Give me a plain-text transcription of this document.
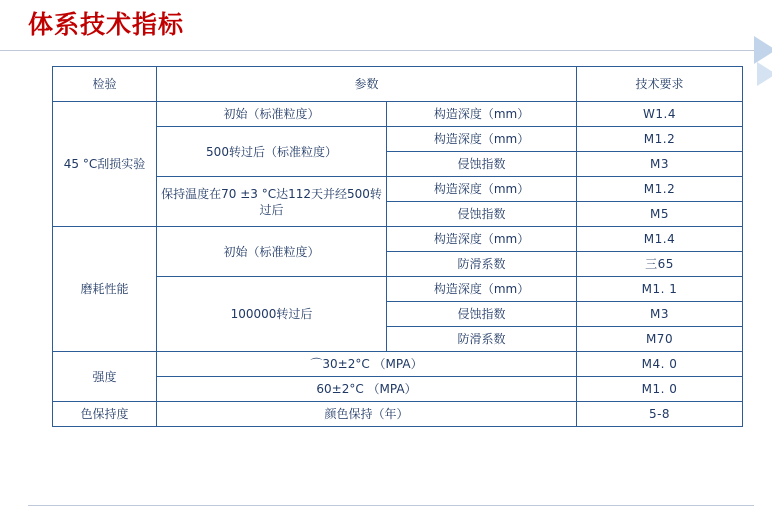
体系技术指标
检验	参数		技术要求
45 °C刮损实验	初始（标准粒度）	构造深度（mm）	W1.4
	500转过后（标准粒度）	构造深度（mm）	M1.2
		侵蚀指数	M3
	保持温度在70 ±3 °C达112天并经500转过后	构造深度（mm）	M1.2
		侵蚀指数	M5
磨耗性能	初始（标准粒度）	构造深度（mm）	M1.4
		防滑系数	三65
	100000转过后	构造深度（mm）	M1. 1
		侵蚀指数	M3
		防滑系数	M70
强度	⌒30±2°C （MPA）		M4. 0
	60±2°C （MPA）		M1. 0
色保持度	颜色保持（年）		5-8
